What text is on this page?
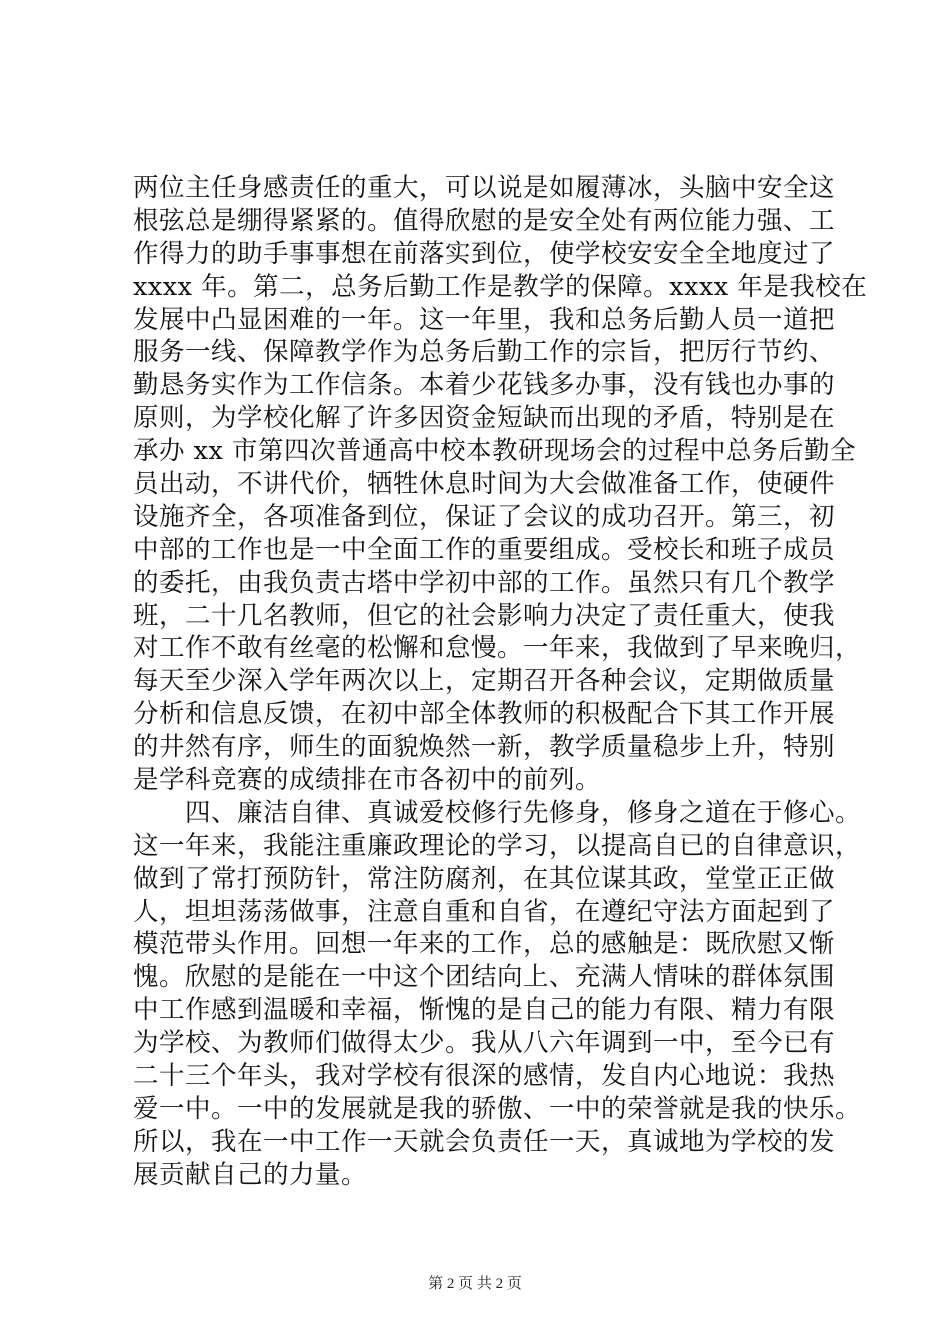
两位主任身感责任的重大，可以说是如履薄冰，头脑中安全这
根弦总是绷得紧紧的。值得欣慰的是安全处有两位能力强、工
作得力的助手事事想在前落实到位，使学校安安全全地度过了
xxxx 年。第二，总务后勤工作是教学的保障。xxxx 年是我校在
发展中凸显困难的一年。这一年里，我和总务后勤人员一道把
服务一线、保障教学作为总务后勤工作的宗旨，把厉行节约、
勤恳务实作为工作信条。本着少花钱多办事，没有钱也办事的
原则，为学校化解了许多因资金短缺而出现的矛盾，特别是在
承办 xx 市第四次普通高中校本教研现场会的过程中总务后勤全
员出动，不讲代价，牺牲休息时间为大会做准备工作，使硬件
设施齐全，各项准备到位，保证了会议的成功召开。第三，初
中部的工作也是一中全面工作的重要组成。受校长和班子成员
的委托，由我负责古塔中学初中部的工作。虽然只有几个教学
班，二十几名教师，但它的社会影响力决定了责任重大，使我
对工作不敢有丝毫的松懈和怠慢。一年来，我做到了早来晚归，
每天至少深入学年两次以上，定期召开各种会议，定期做质量
分析和信息反馈，在初中部全体教师的积极配合下其工作开展
的井然有序，师生的面貌焕然一新，教学质量稳步上升，特别
是学科竞赛的成绩排在市各初中的前列。
　　四、廉洁自律、真诚爱校修行先修身，修身之道在于修心。
这一年来，我能注重廉政理论的学习，以提高自已的自律意识，
做到了常打预防针，常注防腐剂，在其位谋其政，堂堂正正做
人，坦坦荡荡做事，注意自重和自省，在遵纪守法方面起到了
模范带头作用。回想一年来的工作，总的感触是：既欣慰又惭
愧。欣慰的是能在一中这个团结向上、充满人情味的群体氛围
中工作感到温暖和幸福，惭愧的是自己的能力有限、精力有限
为学校、为教师们做得太少。我从八六年调到一中，至今已有
二十三个年头，我对学校有很深的感情，发自内心地说：我热
爱一中。一中的发展就是我的骄傲、一中的荣誉就是我的快乐。
所以，我在一中工作一天就会负责任一天，真诚地为学校的发
展贡献自己的力量。
第 2 页 共 2 页
